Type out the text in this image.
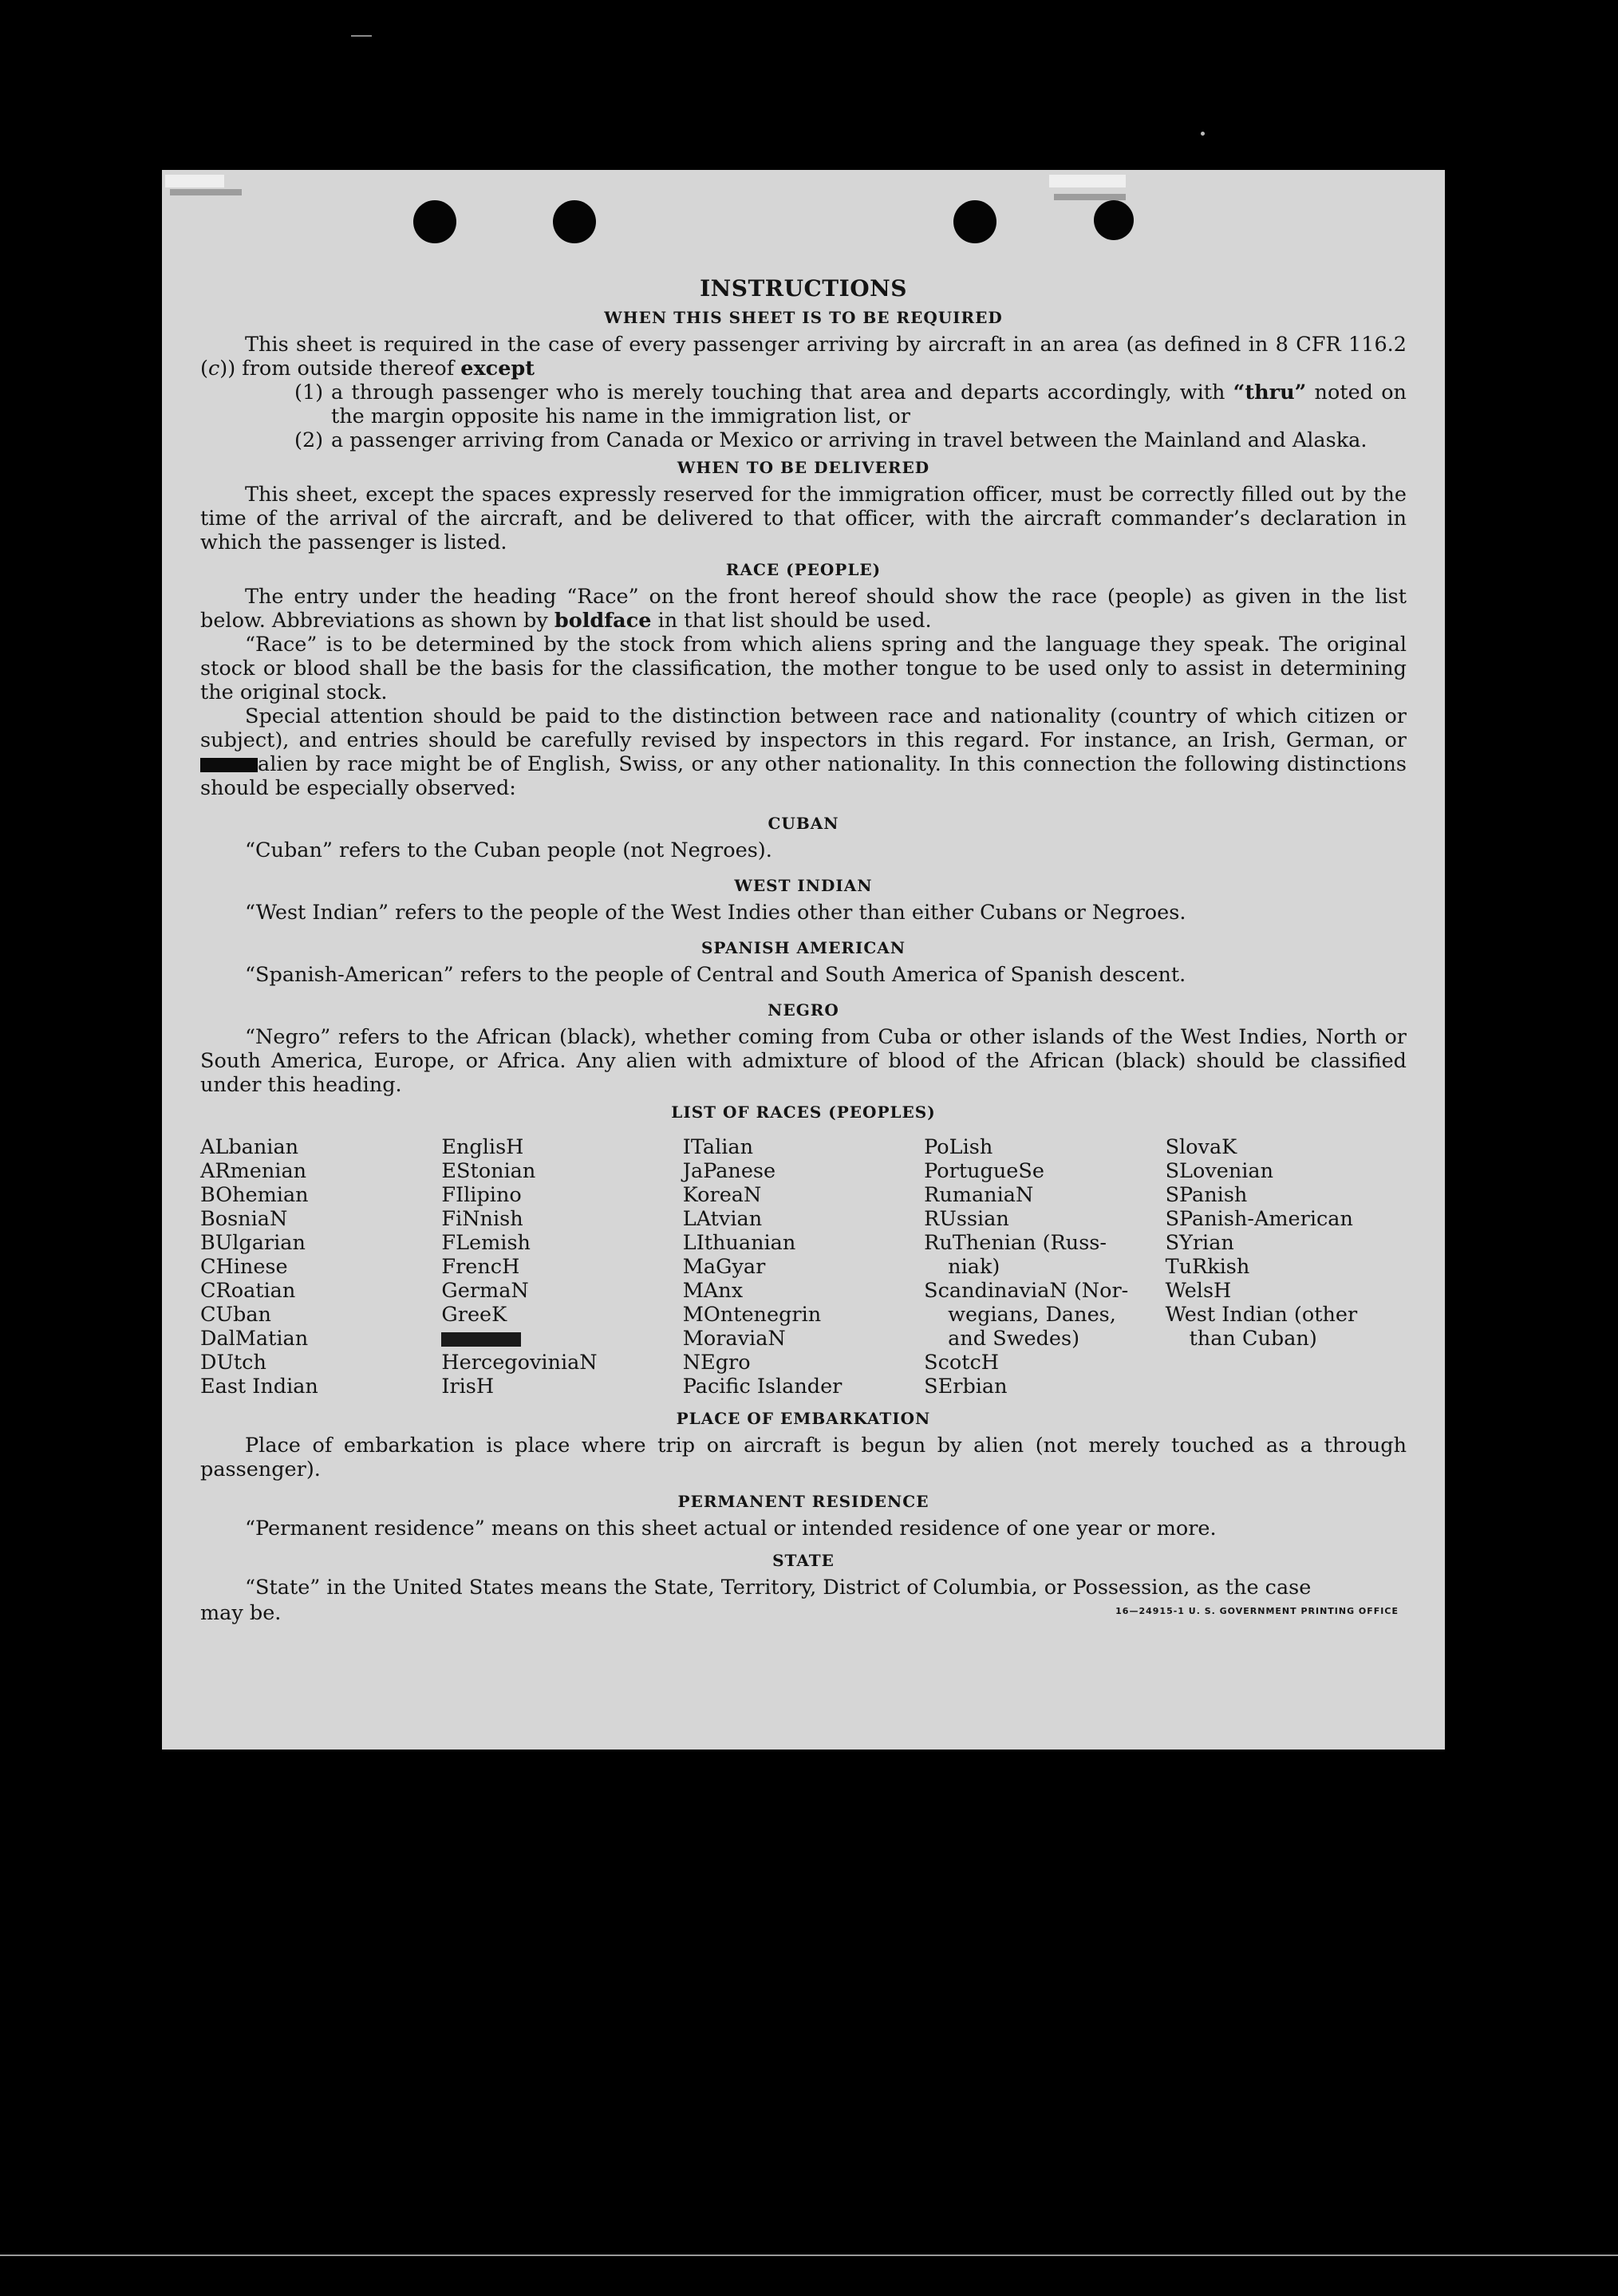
INSTRUCTIONS
WHEN THIS SHEET IS TO BE REQUIRED

This sheet is required in the case of every passenger arriving by aircraft in an area (as defined in 8 CFR 116.2 (c)) from outside thereof except

(1) a through passenger who is merely touching that area and departs accordingly, with “thru” noted on the margin opposite his name in the immigration list, or
(2) a passenger arriving from Canada or Mexico or arriving in travel between the Mainland and Alaska.
WHEN TO BE DELIVERED

This sheet, except the spaces expressly reserved for the immigration officer, must be correctly filled out by the time of the arrival of the aircraft, and be delivered to that officer, with the aircraft commander’s declaration in which the passenger is listed.

RACE (PEOPLE)

The entry under the heading “Race” on the front hereof should show the race (people) as given in the list below. Abbreviations as shown by boldface in that list should be used.

“Race” is to be determined by the stock from which aliens spring and the language they speak. The original stock or blood shall be the basis for the classification, the mother tongue to be used only to assist in determining the original stock.

Special attention should be paid to the distinction between race and nationality (country of which citizen or subject), and entries should be carefully revised by inspectors in this regard. For instance, an Irish, German, or alien by race might be of English, Swiss, or any other nationality. In this connection the following distinctions should be especially observed:

CUBAN

“Cuban” refers to the Cuban people (not Negroes).

WEST INDIAN

“West Indian” refers to the people of the West Indies other than either Cubans or Negroes.

SPANISH AMERICAN

“Spanish-American” refers to the people of Central and South America of Spanish descent.

NEGRO

“Negro” refers to the African (black), whether coming from Cuba or other islands of the West Indies, North or South America, Europe, or Africa. Any alien with admixture of blood of the African (black) should be classified under this heading.

LIST OF RACES (PEOPLES)
ALbanian
ARmenian
BOhemian
BosniaN
BUlgarian
CHinese
CRoatian
CUban
DalMatian
DUtch
East Indian
EnglisH
EStonian
FIlipino
FiNnish
FLemish
FrencH
GermaN
GreeK
HercegoviniaN
IrisH
ITalian
JaPanese
KoreaN
LAtvian
LIthuanian
MaGyar
MAnx
MOntenegrin
MoraviaN
NEgro
Pacific Islander
PoLish
PortugueSe
RumaniaN
RUssian
RuThenian (Russ-
niak)
ScandinaviaN (Nor-
wegians, Danes,
and Swedes)
ScotcH
SErbian
SlovaK
SLovenian
SPanish
SPanish-American
SYrian
TuRkish
WelsH
West Indian (other
than Cuban)
PLACE OF EMBARKATION

Place of embarkation is place where trip on aircraft is begun by alien (not merely touched as a through passenger).

PERMANENT RESIDENCE

“Permanent residence” means on this sheet actual or intended residence of one year or more.

STATE

“State” in the United States means the State, Territory, District of Columbia, or Possession, as the case

may be.	16—24915-1 U. S. GOVERNMENT PRINTING OFFICE
